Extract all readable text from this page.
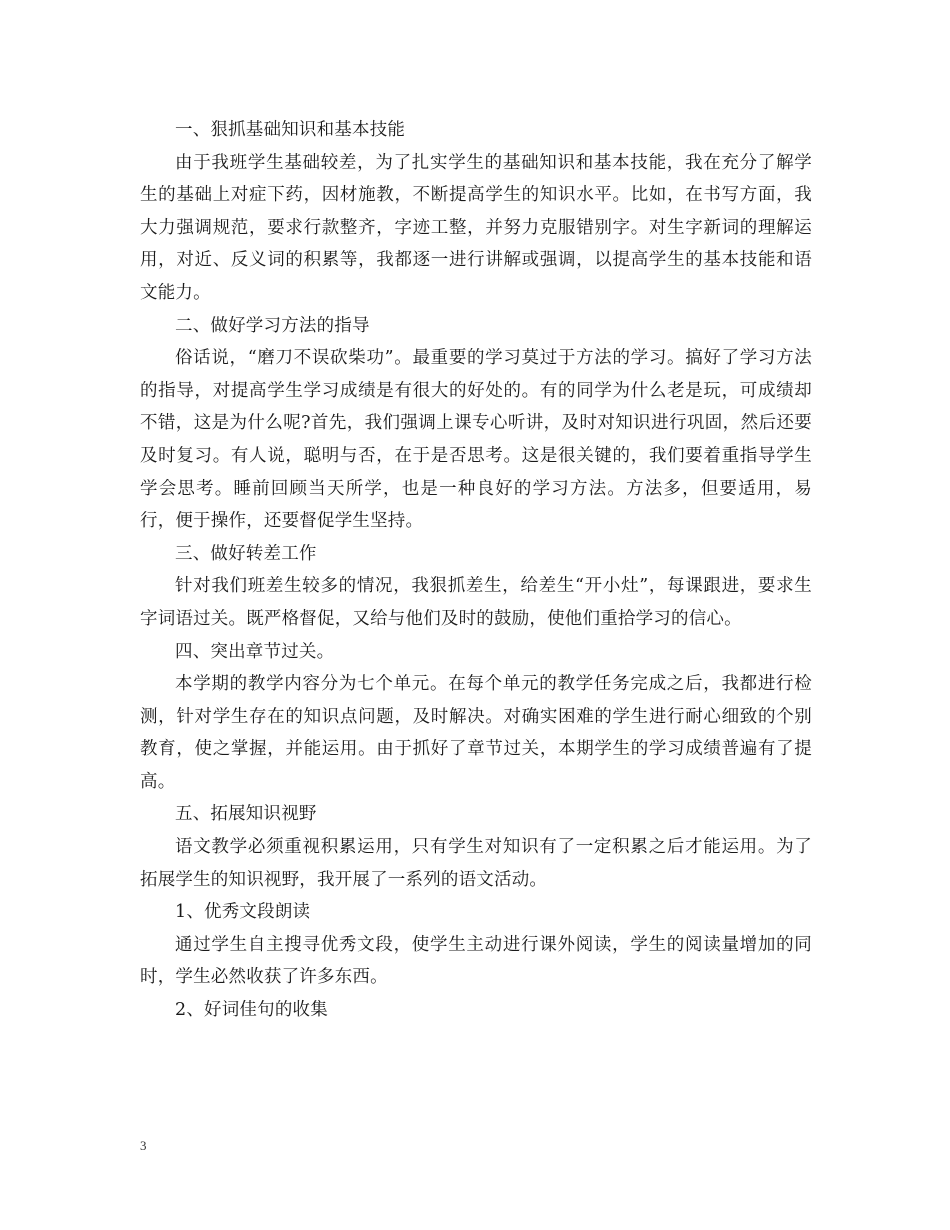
一、狠抓基础知识和基本技能

由于我班学生基础较差，为了扎实学生的基础知识和基本技能，我在充分了解学生的基础上对症下药，因材施教，不断提高学生的知识水平。比如，在书写方面，我大力强调规范，要求行款整齐，字迹工整，并努力克服错别字。对生字新词的理解运用，对近、反义词的积累等，我都逐一进行讲解或强调，以提高学生的基本技能和语文能力。

二、做好学习方法的指导

俗话说，“磨刀不误砍柴功”。最重要的学习莫过于方法的学习。搞好了学习方法的指导，对提高学生学习成绩是有很大的好处的。有的同学为什么老是玩，可成绩却不错，这是为什么呢?首先，我们强调上课专心听讲，及时对知识进行巩固，然后还要及时复习。有人说，聪明与否，在于是否思考。这是很关键的，我们要着重指导学生学会思考。睡前回顾当天所学，也是一种良好的学习方法。方法多，但要适用，易行，便于操作，还要督促学生坚持。

三、做好转差工作

针对我们班差生较多的情况，我狠抓差生，给差生“开小灶”，每课跟进，要求生字词语过关。既严格督促，又给与他们及时的鼓励，使他们重拾学习的信心。

四、突出章节过关。

本学期的教学内容分为七个单元。在每个单元的教学任务完成之后，我都进行检测，针对学生存在的知识点问题，及时解决。对确实困难的学生进行耐心细致的个别教育，使之掌握，并能运用。由于抓好了章节过关，本期学生的学习成绩普遍有了提高。

五、拓展知识视野

语文教学必须重视积累运用，只有学生对知识有了一定积累之后才能运用。为了拓展学生的知识视野，我开展了一系列的语文活动。

1、优秀文段朗读

通过学生自主搜寻优秀文段，使学生主动进行课外阅读，学生的阅读量增加的同时，学生必然收获了许多东西。

2、好词佳句的收集

3
